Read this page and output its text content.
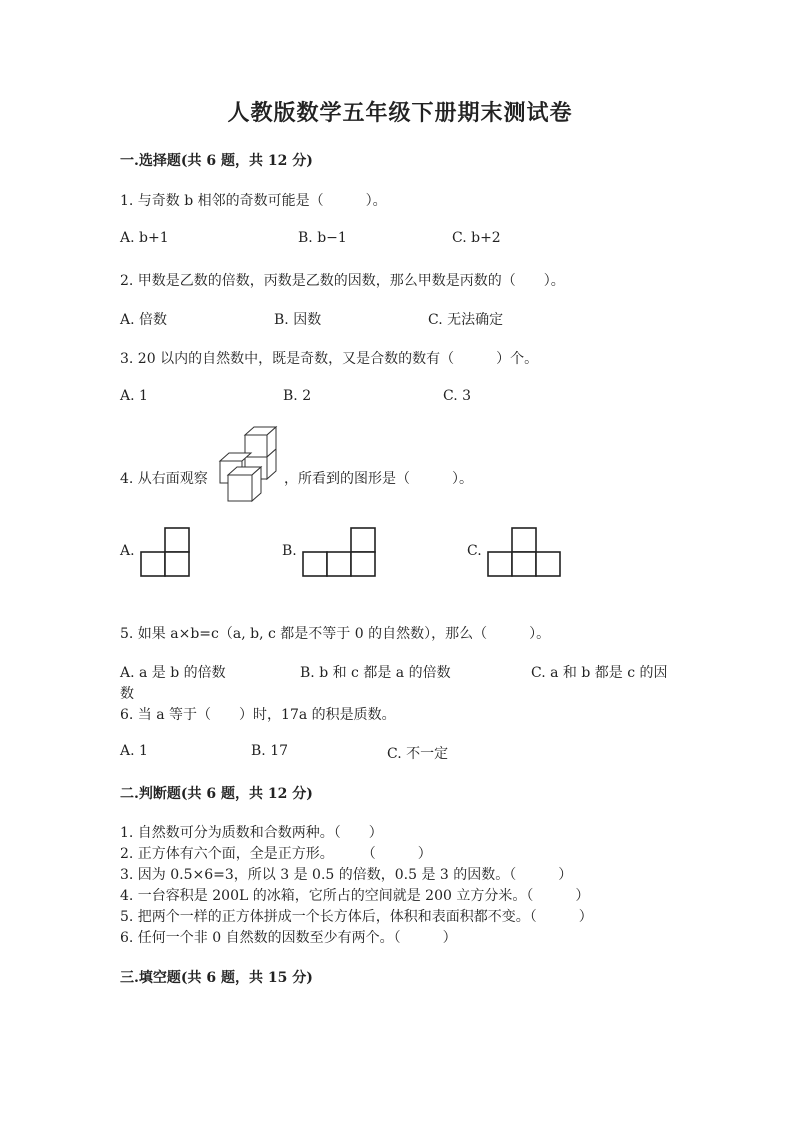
人教版数学五年级下册期末测试卷
一.选择题(共 6 题，共 12 分)
1. 与奇数 b 相邻的奇数可能是（　　　）。
A. b+1	B. b−1	C. b+2
2. 甲数是乙数的倍数，丙数是乙数的因数，那么甲数是丙数的（　　）。
A. 倍数	B. 因数	C. 无法确定
3. 20 以内的自然数中，既是奇数，又是合数的数有（　　　）个。
A. 1	B. 2	C. 3
4. 从右面观察	，所看到的图形是（　　　）。
A.	B.	C.
5. 如果 a×b=c（a, b, c 都是不等于 0 的自然数），那么（　　　）。
A. a 是 b 的倍数	B. b 和 c 都是 a 的倍数	C. a 和 b 都是 c 的因
数
6. 当 a 等于（　　）时，17a 的积是质数。
A. 1	B. 17	C. 不一定
二.判断题(共 6 题，共 12 分)
1. 自然数可分为质数和合数两种。（　　）
2. 正方体有六个面，全是正方形。　　　（　　　）
3. 因为 0.5×6=3，所以 3 是 0.5 的倍数，0.5 是 3 的因数。（　　　）
4. 一台容积是 200L 的冰箱，它所占的空间就是 200 立方分米。（　　　）
5. 把两个一样的正方体拼成一个长方体后，体积和表面积都不变。（　　　）
6. 任何一个非 0 自然数的因数至少有两个。（　　　）
三.填空题(共 6 题，共 15 分)
